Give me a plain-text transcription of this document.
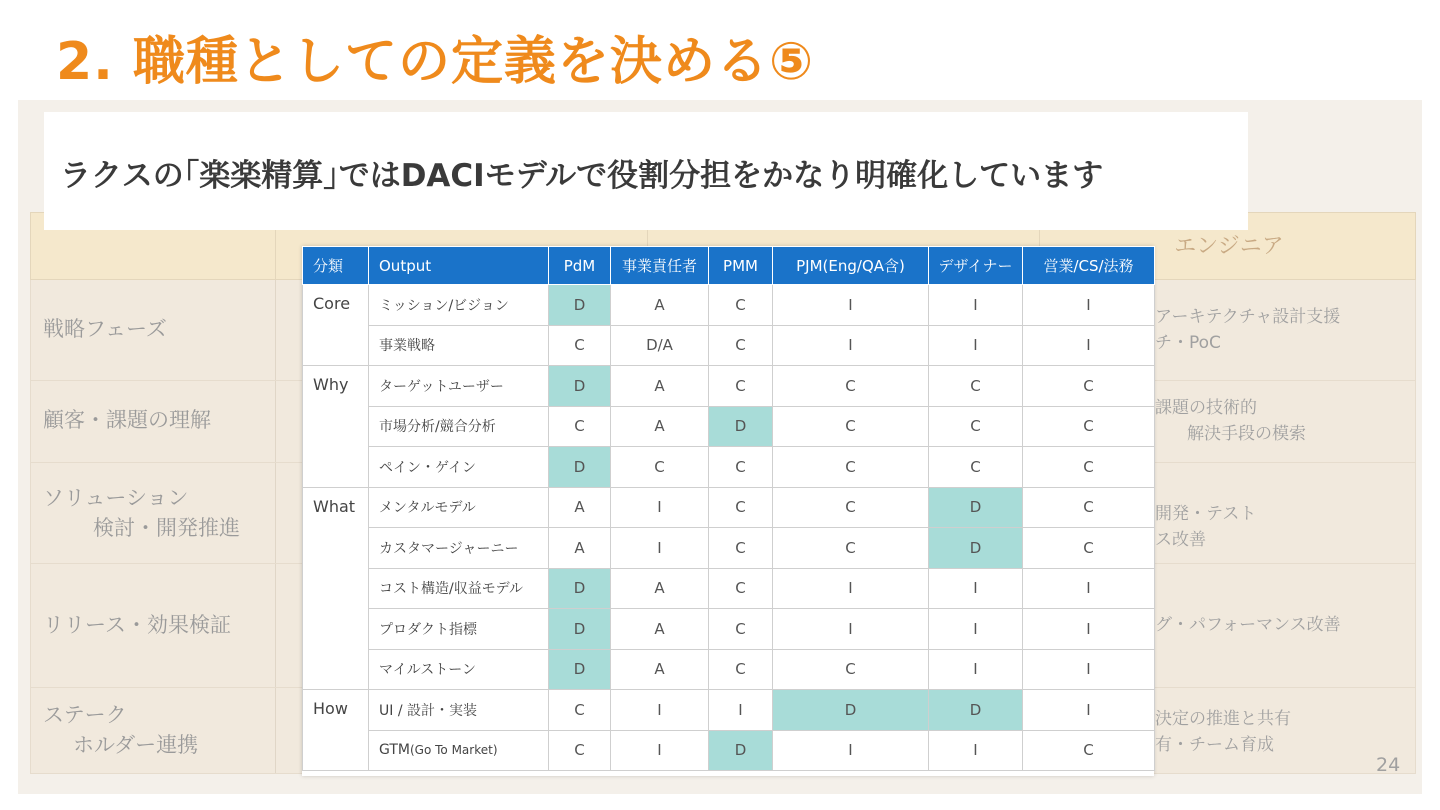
2. 職種としての定義を決める⑤
エンジニア
戦略フェーズ	アーキテクチャ設計支援
チ・PoC
顧客・課題の理解	課題の技術的
解決手段の模索
ソリューション
検討・開発推進
開発・テスト
ス改善
リリース・効果検証	グ・パフォーマンス改善
ステーク
ホルダー連携
決定の推進と共有
有・チーム育成
ラクスの｢楽楽精算｣ではDACIモデルで役割分担をかなり明確化しています
分類	Output	PdM	事業責任者	PMM	PJM(Eng/QA含)	デザイナー	営業/CS/法務
Core	ミッション/ビジョン	D	A	C	I	I	I
	事業戦略	C	D/A	C	I	I	I
Why	ターゲットユーザー	D	A	C	C	C	C
	市場分析/競合分析	C	A	D	C	C	C
	ペイン・ゲイン	D	C	C	C	C	C
What	メンタルモデル	A	I	C	C	D	C
	カスタマージャーニー	A	I	C	C	D	C
	コスト構造/収益モデル	D	A	C	I	I	I
	プロダクト指標	D	A	C	I	I	I
	マイルストーン	D	A	C	C	I	I
How	UI / 設計・実装	C	I	I	D	D	I
	GTM(Go To Market)	C	I	D	I	I	C
24
